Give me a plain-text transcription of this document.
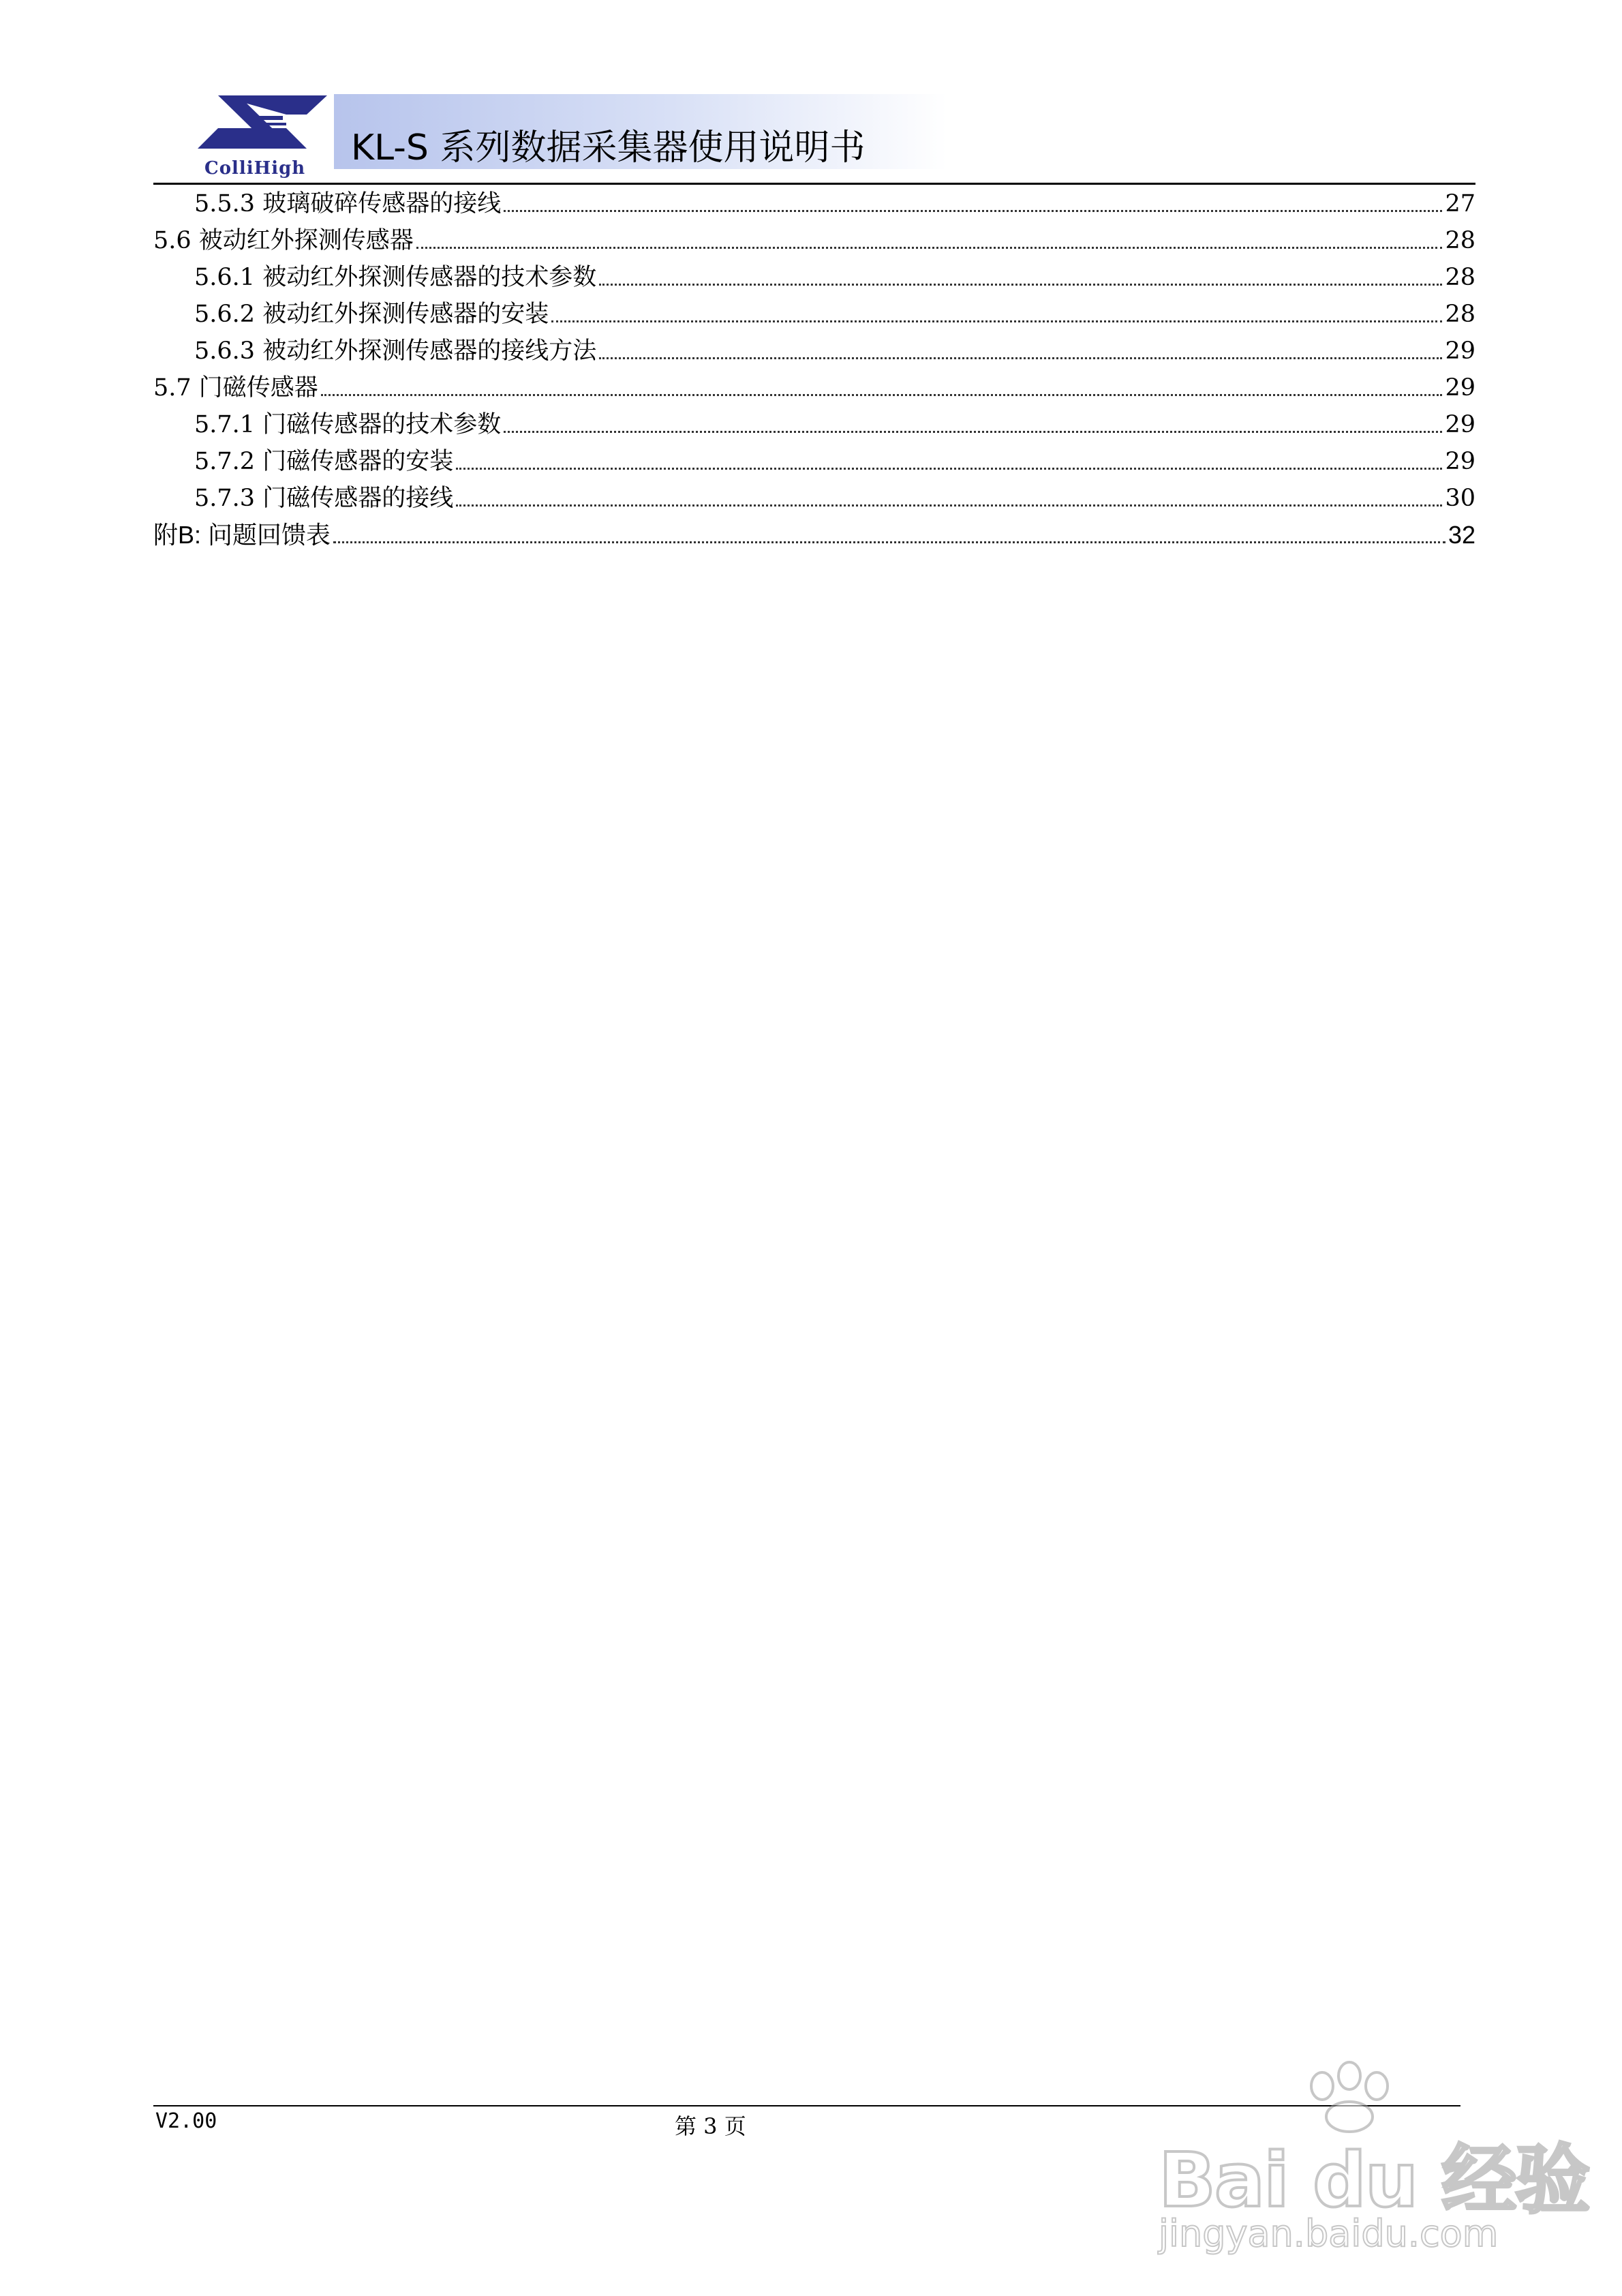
ColliHigh	KL-S 系列数据采集器使用说明书
5.5.3 玻璃破碎传感器的接线	27
5.6 被动红外探测传感器	28
5.6.1 被动红外探测传感器的技术参数	28
5.6.2 被动红外探测传感器的安装	28
5.6.3 被动红外探测传感器的接线方法	29
5.7 门磁传感器	29
5.7.1 门磁传感器的技术参数	29
5.7.2 门磁传感器的安装	29
5.7.3 门磁传感器的接线	30
附B: 问题回馈表	32
V2.00	第 3 页
Bai du 经验
jingyan.baidu.com
